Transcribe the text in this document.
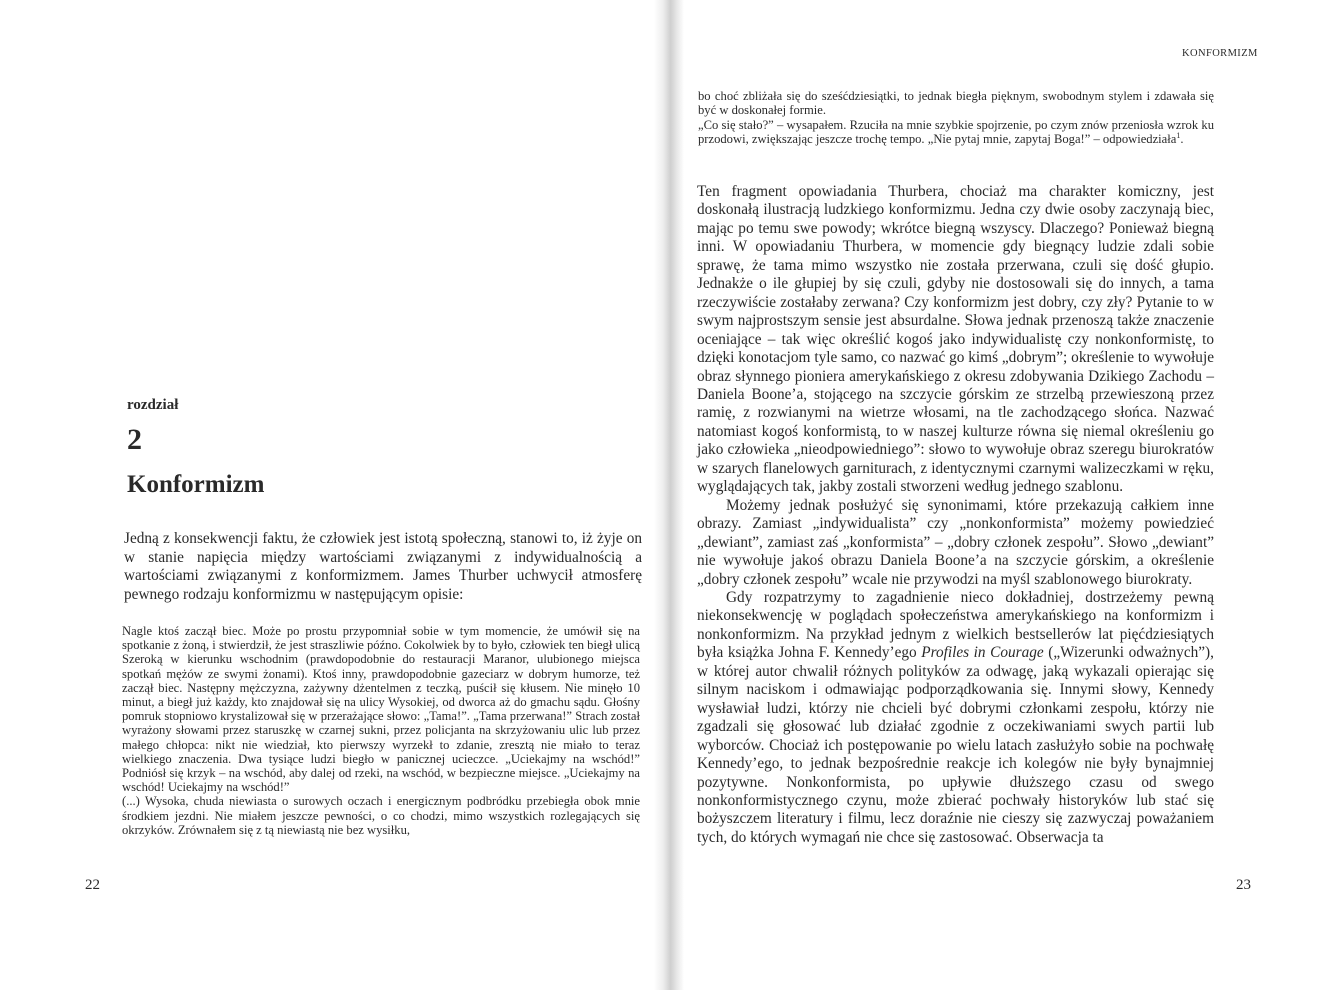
rozdział
2
Konformizm
Jedną z konsekwencji faktu, że człowiek jest istotą społeczną, stanowi to, iż żyje on w stanie napięcia między wartościami związanymi z indywidualnością a wartościami związanymi z konformizmem. James Thurber uchwycił atmosferę pewnego rodzaju konformizmu w następującym opisie:

Nagle ktoś zaczął biec. Może po prostu przypomniał sobie w tym momencie, że umówił się na spotkanie z żoną, i stwierdził, że jest straszliwie późno. Cokolwiek by to było, człowiek ten biegł ulicą Szeroką w kierunku wschodnim (prawdopodobnie do restauracji Maranor, ulubionego miejsca spotkań mężów ze swymi żonami). Ktoś inny, prawdopodobnie gazeciarz w dobrym humorze, też zaczął biec. Następny mężczyzna, zażywny dżentelmen z teczką, puścił się kłusem. Nie minęło 10 minut, a biegł już każdy, kto znajdował się na ulicy Wysokiej, od dworca aż do gmachu sądu. Głośny pomruk stopniowo krystalizował się w przerażające słowo: „Tama!”. „Tama przerwana!” Strach został wyrażony słowami przez staruszkę w czarnej sukni, przez policjanta na skrzyżowaniu ulic lub przez małego chłopca: nikt nie wiedział, kto pierwszy wyrzekł to zdanie, zresztą nie miało to teraz wielkiego znaczenia. Dwa tysiące ludzi biegło w panicznej ucieczce. „Uciekajmy na wschód!” Podniósł się krzyk – na wschód, aby dalej od rzeki, na wschód, w bezpieczne miejsce. „Uciekajmy na wschód! Uciekajmy na wschód!”

(...) Wysoka, chuda niewiasta o surowych oczach i energicznym podbródku przebiegła obok mnie środkiem jezdni. Nie miałem jeszcze pewności, o co chodzi, mimo wszystkich rozlegających się okrzyków. Zrównałem się z tą niewiastą nie bez wysiłku,

22
KONFORMIZM

bo choć zbliżała się do sześćdziesiątki, to jednak biegła pięknym, swobodnym stylem i zdawała się być w doskonałej formie.

„Co się stało?” – wysapałem. Rzuciła na mnie szybkie spojrzenie, po czym znów przeniosła wzrok ku przodowi, zwiększając jeszcze trochę tempo. „Nie pytaj mnie, zapytaj Boga!” – odpowiedziała$^1$.

Ten fragment opowiadania Thurbera, chociaż ma charakter komiczny, jest doskonałą ilustracją ludzkiego konformizmu. Jedna czy dwie osoby zaczynają biec, mając po temu swe powody; wkrótce biegną wszyscy. Dlaczego? Ponieważ biegną inni. W opowiadaniu Thurbera, w momencie gdy biegnący ludzie zdali sobie sprawę, że tama mimo wszystko nie została przerwana, czuli się dość głupio. Jednakże o ile głupiej by się czuli, gdyby nie dostosowali się do innych, a tama rzeczywiście zostałaby zerwana? Czy konformizm jest dobry, czy zły? Pytanie to w swym najprostszym sensie jest absurdalne. Słowa jednak przenoszą także znaczenie oceniające – tak więc określić kogoś jako indywidualistę czy nonkonformistę, to dzięki konotacjom tyle samo, co nazwać go kimś „dobrym”; określenie to wywołuje obraz słynnego pioniera amerykańskiego z okresu zdobywania Dzikiego Zachodu – Daniela Boone’a, stojącego na szczycie górskim ze strzelbą przewieszoną przez ramię, z rozwianymi na wietrze włosami, na tle zachodzącego słońca. Nazwać natomiast kogoś konformistą, to w naszej kulturze równa się niemal określeniu go jako człowieka „nieodpowiedniego”: słowo to wywołuje obraz szeregu biurokratów w szarych flanelowych garniturach, z identycznymi czarnymi walizeczkami w ręku, wyglądających tak, jakby zostali stworzeni według jednego szablonu.

Możemy jednak posłużyć się synonimami, które przekazują całkiem inne obrazy. Zamiast „indywidualista” czy „nonkonformista” możemy powiedzieć „dewiant”, zamiast zaś „konformista” – „dobry członek zespołu”. Słowo „dewiant” nie wywołuje jakoś obrazu Daniela Boone’a na szczycie górskim, a określenie „dobry członek zespołu” wcale nie przywodzi na myśl szablonowego biurokraty.

Gdy rozpatrzymy to zagadnienie nieco dokładniej, dostrzeżemy pewną niekonsekwencję w poglądach społeczeństwa amerykańskiego na konformizm i nonkonformizm. Na przykład jednym z wielkich bestsellerów lat pięćdziesiątych była książka Johna F. Kennedy’ego Profiles in Courage („Wizerunki odważnych”), w której autor chwalił różnych polityków za odwagę, jaką wykazali opierając się silnym naciskom i odmawiając podporządkowania się. Innymi słowy, Kennedy wysławiał ludzi, którzy nie chcieli być dobrymi członkami zespołu, którzy nie zgadzali się głosować lub działać zgodnie z oczekiwaniami swych partii lub wyborców. Chociaż ich postępowanie po wielu latach zasłużyło sobie na pochwałę Kennedy’ego, to jednak bezpośrednie reakcje ich kolegów nie były bynajmniej pozytywne. Nonkonformista, po upływie dłuższego czasu od swego nonkonformistycznego czynu, może zbierać pochwały historyków lub stać się bożyszczem literatury i filmu, lecz doraźnie nie cieszy się zazwyczaj poważaniem tych, do których wymagań nie chce się zastosować. Obserwacja ta

23
